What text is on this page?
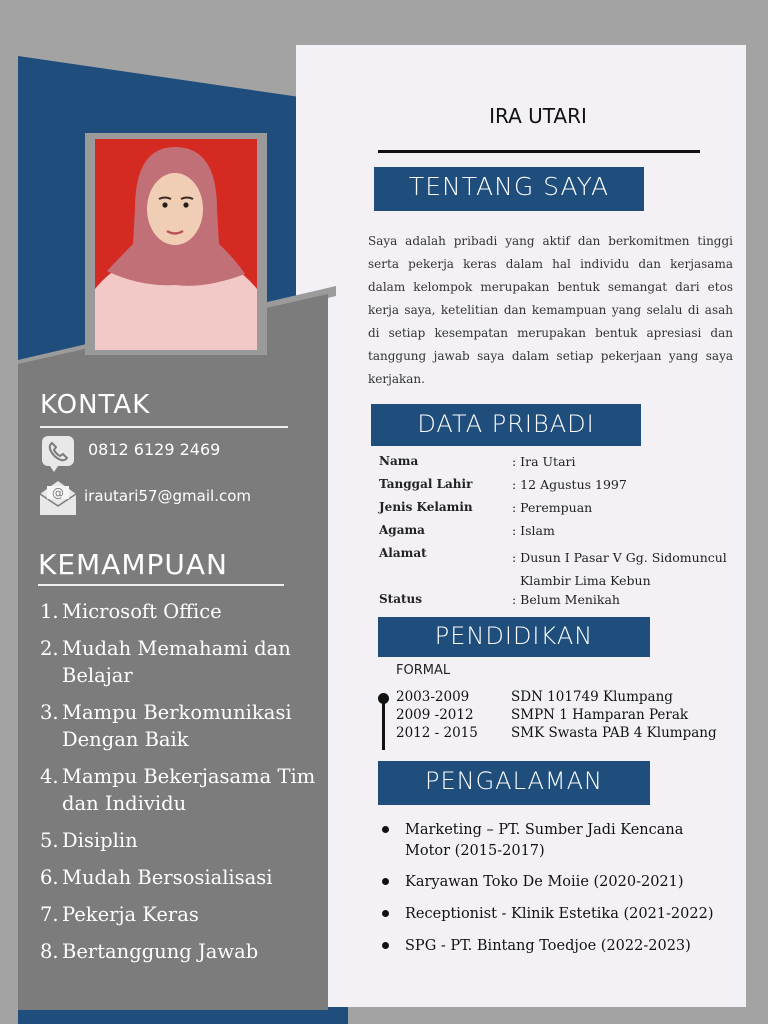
KONTAK
0812 6129 2469
@ irautari57@gmail.com
KEMAMPUAN
1. Microsoft Office
2. Mudah Memahami dan
Belajar
3. Mampu Berkomunikasi
Dengan Baik
4. Mampu Bekerjasama Tim
dan Individu
5. Disiplin
6. Mudah Bersosialisasi
7. Pekerja Keras
8. Bertanggung Jawab
IRA UTARI
TENTANG SAYA
Saya adalah pribadi yang aktif dan berkomitmen tinggi serta pekerja keras dalam hal individu dan kerjasama dalam kelompok merupakan bentuk semangat dari etos kerja saya, ketelitian dan kemampuan yang selalu di asah di setiap kesempatan merupakan bentuk apresiasi dan tanggung jawab saya dalam setiap pekerjaan yang saya kerjakan.
DATA PRIBADI
Nama	: Ira Utari
Tanggal Lahir	: 12 Agustus 1997
Jenis Kelamin	: Perempuan
Agama	: Islam
Alamat	: Dusun I Pasar V Gg. Sidomuncul
Klambir Lima Kebun
Status	: Belum Menikah
PENDIDIKAN
FORMAL
2003-2009	SDN 101749 Klumpang
2009 -2012	SMPN 1 Hamparan Perak
2012 - 2015	SMK Swasta PAB 4 Klumpang
PENGALAMAN
Marketing – PT. Sumber Jadi Kencana
Motor (2015-2017)
Karyawan Toko De Moiie (2020-2021)
Receptionist - Klinik Estetika (2021-2022)
SPG - PT. Bintang Toedjoe (2022-2023)
